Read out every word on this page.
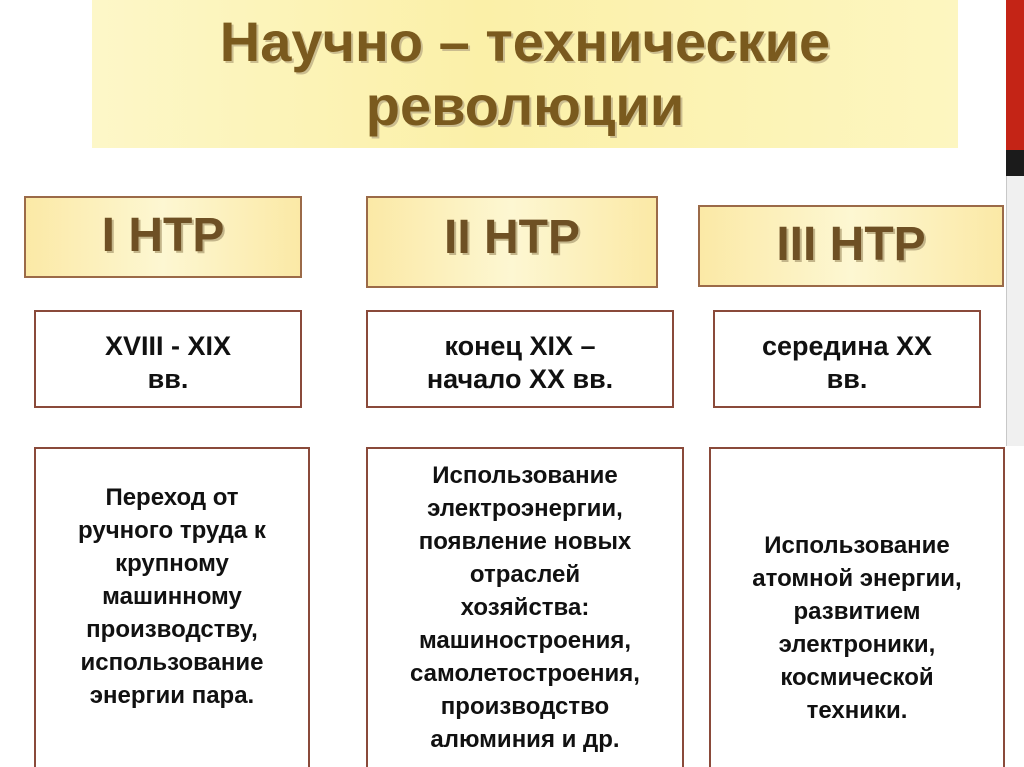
Научно – технические
революции
I НТР	II НТР	III НТР
XVIII - XIX
вв.
конец XIX –
начало XX вв.
середина XX
вв.
Переход от
ручного труда к
крупному
машинному
производству,
использование
энергии пара.
Использование
электроэнергии,
появление новых
отраслей
хозяйства:
машиностроения,
самолетостроения,
производство
алюминия и др.
Использование
атомной энергии,
развитием
электроники,
космической
техники.
